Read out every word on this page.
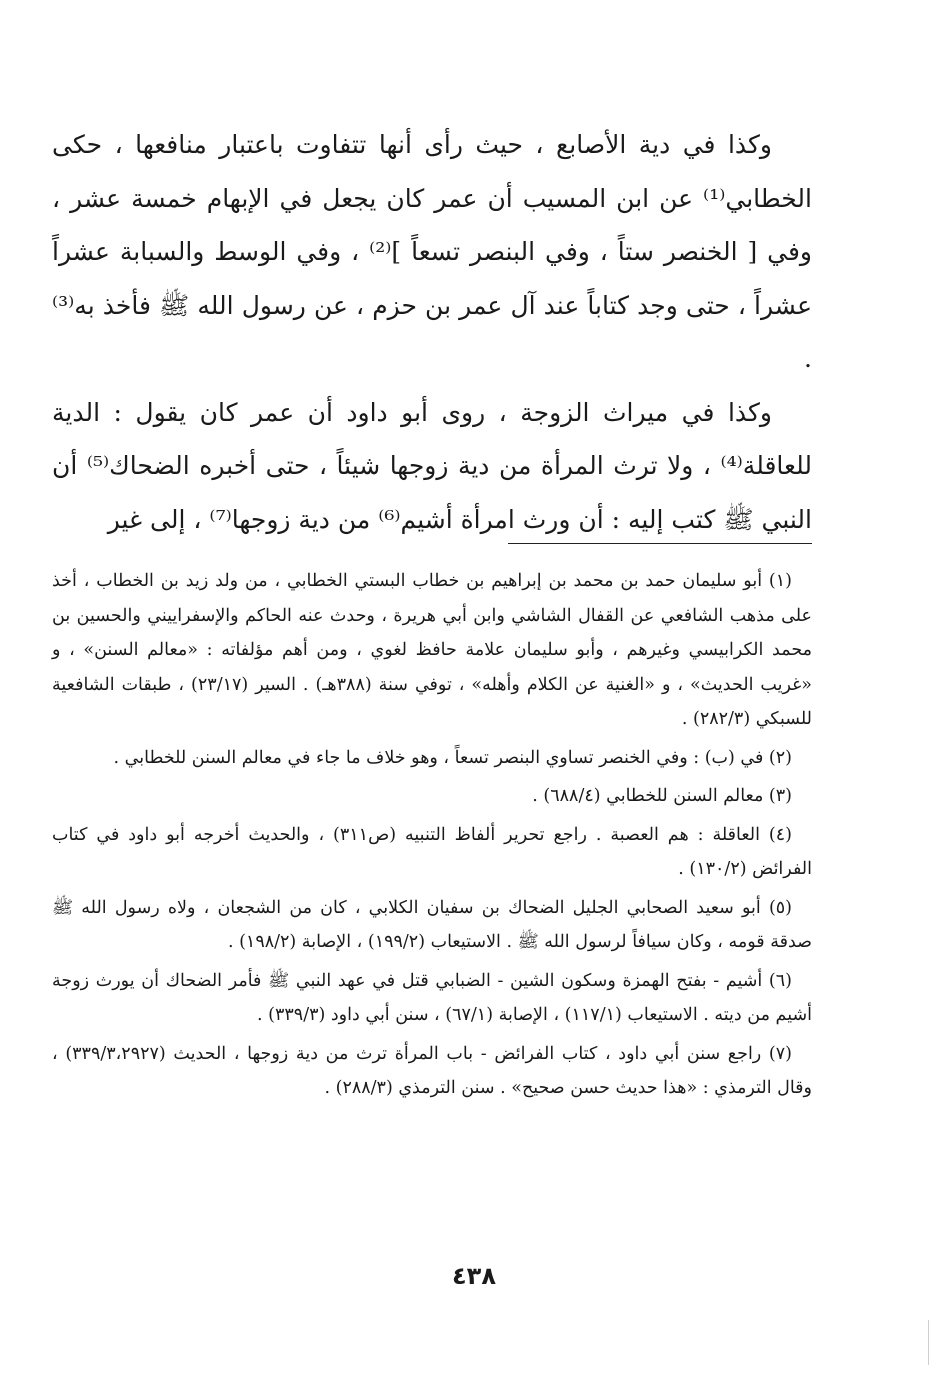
وكذا في دية الأصابع ، حيث رأى أنها تتفاوت باعتبار منافعها ، حكى الخطابي⁽¹⁾ عن ابن المسيب أن عمر كان يجعل في الإبهام خمسة عشر ، وفي [ الخنصر ستاً ، وفي البنصر تسعاً ]⁽²⁾ ، وفي الوسط والسبابة عشراً عشراً ، حتى وجد كتاباً عند آل عمر بن حزم ، عن رسول الله ﷺ فأخذ به⁽³⁾ .

وكذا في ميراث الزوجة ، روى أبو داود أن عمر كان يقول : الدية للعاقلة⁽⁴⁾ ، ولا ترث المرأة من دية زوجها شيئاً ، حتى أخبره الضحاك⁽⁵⁾ أن النبي ﷺ كتب إليه : أن ورث امرأة أشيم⁽⁶⁾ من دية زوجها⁽⁷⁾ ، إلى غير

(١) أبو سليمان حمد بن محمد بن إبراهيم بن خطاب البستي الخطابي ، من ولد زيد بن الخطاب ، أخذ على مذهب الشافعي عن القفال الشاشي وابن أبي هريرة ، وحدث عنه الحاكم والإسفراييني والحسين بن محمد الكرابيسي وغيرهم ، وأبو سليمان علامة حافظ لغوي ، ومن أهم مؤلفاته : «معالم السنن» ، و «غريب الحديث» ، و «الغنية عن الكلام وأهله» ، توفي سنة (٣٨٨هـ) . السير (٢٣/١٧) ، طبقات الشافعية للسبكي (٢٨٢/٣) .

(٢) في (ب) : وفي الخنصر تساوي البنصر تسعاً ، وهو خلاف ما جاء في معالم السنن للخطابي .

(٣) معالم السنن للخطابي (٦٨٨/٤) .

(٤) العاقلة : هم العصبة . راجع تحرير ألفاظ التنبيه (ص٣١١) ، والحديث أخرجه أبو داود في كتاب الفرائض (١٣٠/٢) .

(٥) أبو سعيد الصحابي الجليل الضحاك بن سفيان الكلابي ، كان من الشجعان ، ولاه رسول الله ﷺ صدقة قومه ، وكان سيافاً لرسول الله ﷺ . الاستيعاب (١٩٩/٢) ، الإصابة (١٩٨/٢) .

(٦) أشيم - بفتح الهمزة وسكون الشين - الضبابي قتل في عهد النبي ﷺ فأمر الضحاك أن يورث زوجة أشيم من ديته . الاستيعاب (١١٧/١) ، الإصابة (٦٧/١) ، سنن أبي داود (٣٣٩/٣) .

(٧) راجع سنن أبي داود ، كتاب الفرائض - باب المرأة ترث من دية زوجها ، الحديث (٣٣٩/٣،٢٩٢٧) ، وقال الترمذي : «هذا حديث حسن صحيح» . سنن الترمذي (٢٨٨/٣) .

٤٣٨
